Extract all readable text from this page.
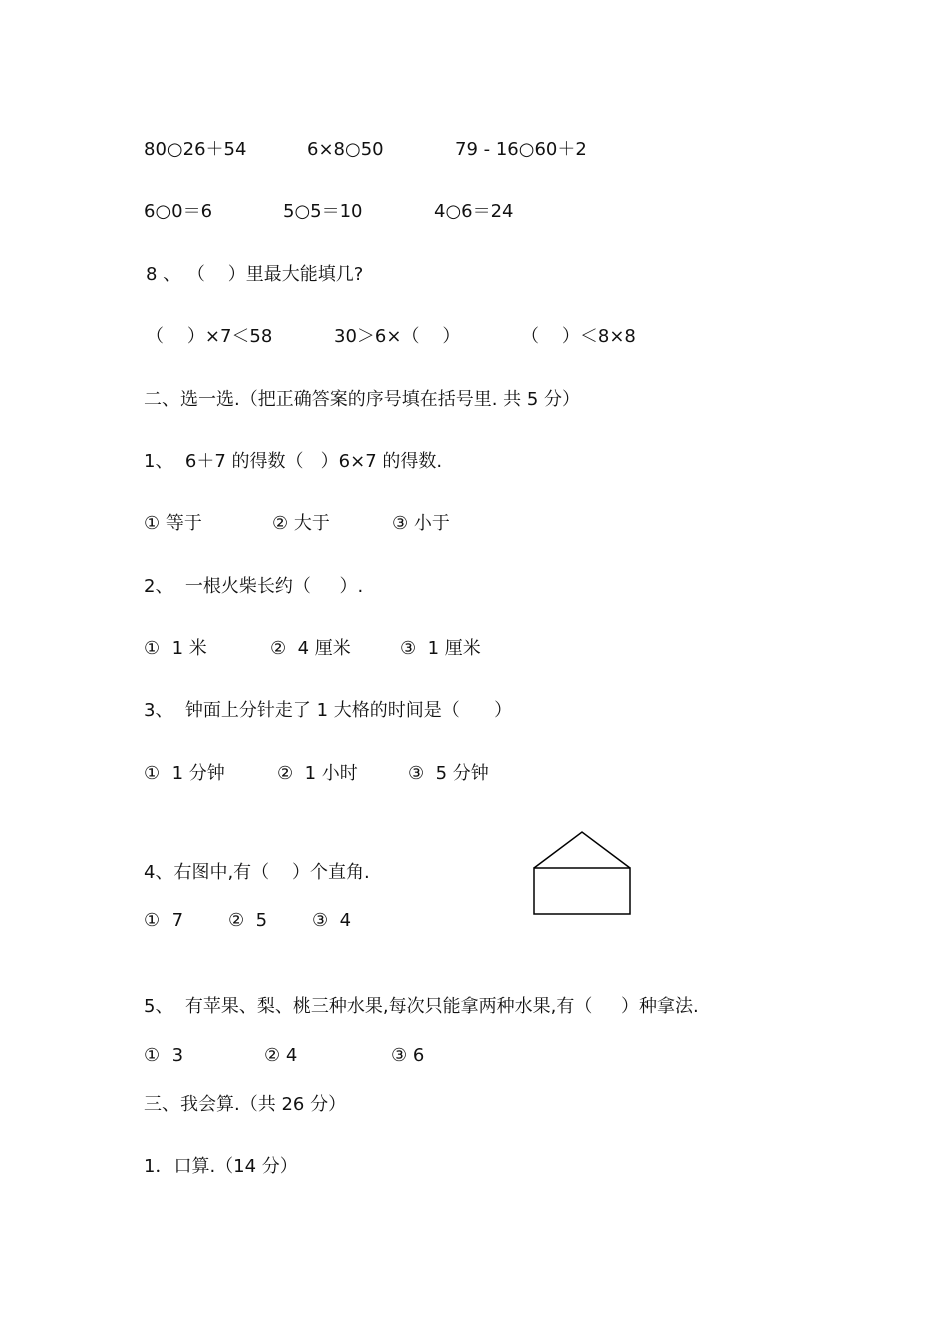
80○26＋54	6×8○50	79 - 16○60＋2
6○0＝6	5○5＝10	4○6＝24
8 、 （    ）里最大能填几?
（    ）×7＜58	30＞6×（    ）	（    ）＜8×8
二、选一选.（把正确答案的序号填在括号里. 共 5 分）
1、  6＋7 的得数（   ）6×7 的得数.
① 等于	② 大于	③ 小于
2、  一根火柴长约（     ）.
①  1 米	②  4 厘米	③  1 厘米
3、  钟面上分针走了 1 大格的时间是（      ）
①  1 分钟	②  1 小时	③  5 分钟
4、右图中,有（    ）个直角.
①  7 ②  5 ③  4
5、  有苹果、梨、桃三种水果,每次只能拿两种水果,有（     ）种拿法.
①  3	② 4	③ 6
三、我会算.（共 26 分）
1．口算.（14 分）
